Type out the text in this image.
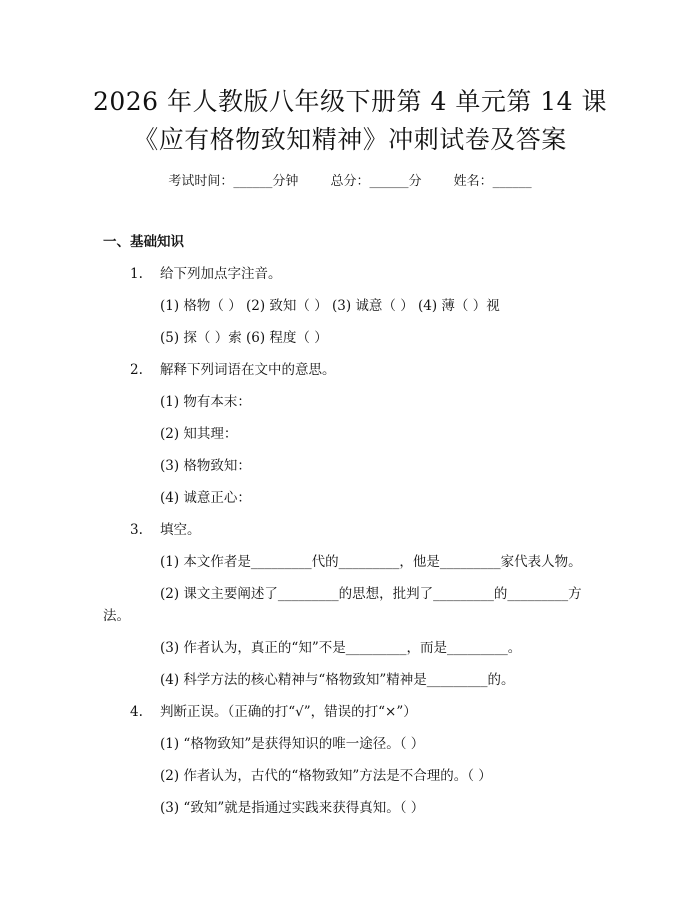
2026 年人教版八年级下册第 4 单元第 14 课
《应有格物致知精神》冲刺试卷及答案
考试时间：______分钟 总分：______分 姓名：______
一、基础知识
1. 给下列加点字注音。
(1) 格物（ ） (2) 致知（ ） (3) 诚意（ ） (4) 薄（ ）视
(5) 探（ ）索 (6) 程度（ ）
2. 解释下列词语在文中的意思。
(1) 物有本末：
(2) 知其理：
(3) 格物致知：
(4) 诚意正心：
3. 填空。
(1) 本文作者是_________代的_________，他是_________家代表人物。
(2) 课文主要阐述了_________的思想，批判了_________的_________方
法。
(3) 作者认为，真正的“知”不是_________，而是_________。
(4) 科学方法的核心精神与“格物致知”精神是_________的。
4. 判断正误。（正确的打“√”，错误的打“×”）
(1) “格物致知”是获得知识的唯一途径。（ ）
(2) 作者认为，古代的“格物致知”方法是不合理的。（ ）
(3) “致知”就是指通过实践来获得真知。（ ）
